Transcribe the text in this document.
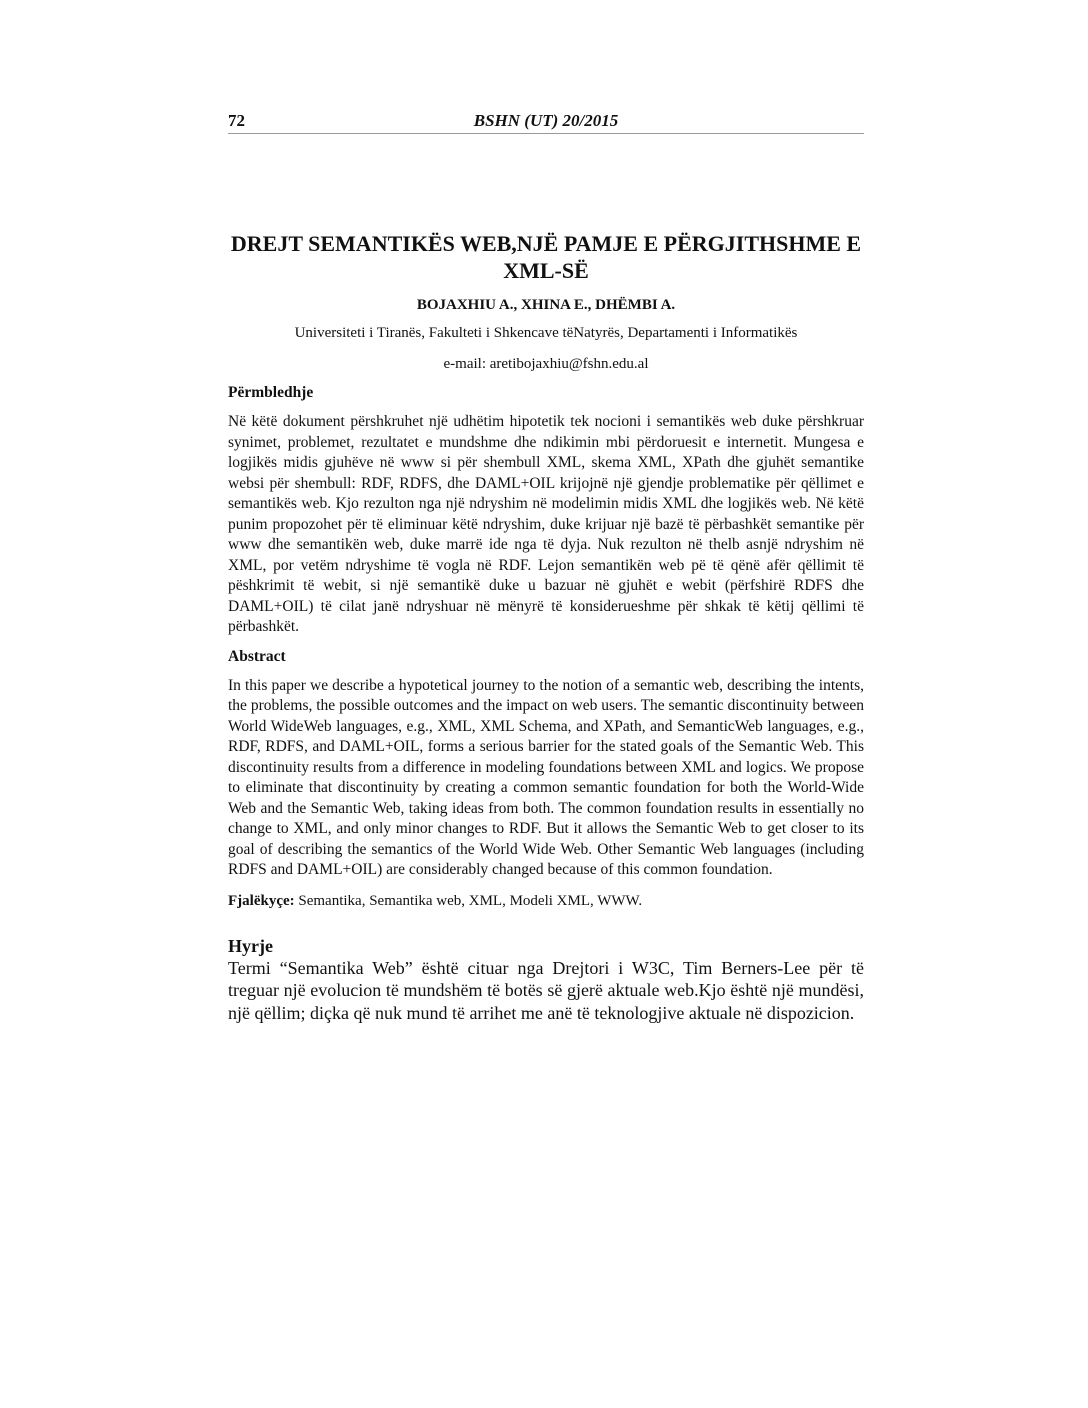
72	BSHN (UT) 20/2015
DREJT SEMANTIKËS WEB,NJË PAMJE E PËRGJITHSHME E XML-SË

BOJAXHIU A., XHINA E., DHËMBI A.

Universiteti i Tiranës, Fakulteti i Shkencave tëNatyrës, Departamenti i Informatikës

e-mail: aretibojaxhiu@fshn.edu.al

Përmbledhje

Në këtë dokument përshkruhet një udhëtim hipotetik tek nocioni i semantikës web duke përshkruar synimet, problemet, rezultatet e mundshme dhe ndikimin mbi përdoruesit e internetit. Mungesa e logjikës midis gjuhëve në www si për shembull XML, skema XML, XPath dhe gjuhët semantike websi për shembull: RDF, RDFS, dhe DAML+OIL krijojnë një gjendje problematike për qëllimet e semantikës web. Kjo rezulton nga një ndryshim në modelimin midis XML dhe logjikës web. Në këtë punim propozohet për të eliminuar këtë ndryshim, duke krijuar një bazë të përbashkët semantike për www dhe semantikën web, duke marrë ide nga të dyja. Nuk rezulton në thelb asnjë ndryshim në XML, por vetëm ndryshime të vogla në RDF. Lejon semantikën web pë të qënë afër qëllimit të pëshkrimit të webit, si një semantikë duke u bazuar në gjuhët e webit (përfshirë RDFS dhe DAML+OIL) të cilat janë ndryshuar në mënyrë të konsiderueshme për shkak të këtij qëllimi të përbashkët.

Abstract

In this paper we describe a hypotetical journey to the notion of a semantic web, describing the intents, the problems, the possible outcomes and the impact on web users. The semantic discontinuity between World WideWeb languages, e.g., XML, XML Schema, and XPath, and SemanticWeb languages, e.g., RDF, RDFS, and DAML+OIL, forms a serious barrier for the stated goals of the Semantic Web. This discontinuity results from a difference in modeling foundations between XML and logics. We propose to eliminate that discontinuity by creating a common semantic foundation for both the World-Wide Web and the Semantic Web, taking ideas from both. The common foundation results in essentially no change to XML, and only minor changes to RDF. But it allows the Semantic Web to get closer to its goal of describing the semantics of the World Wide Web. Other Semantic Web languages (including RDFS and DAML+OIL) are considerably changed because of this common foundation.

Fjalëkyçe: Semantika, Semantika web, XML, Modeli XML, WWW.

Hyrje

Termi “Semantika Web” është cituar nga Drejtori i W3C, Tim Berners-Lee për të treguar një evolucion të mundshëm të botës së gjerë aktuale web.Kjo është një mundësi, një qëllim; diçka që nuk mund të arrihet me anë të teknologjive aktuale në dispozicion.
